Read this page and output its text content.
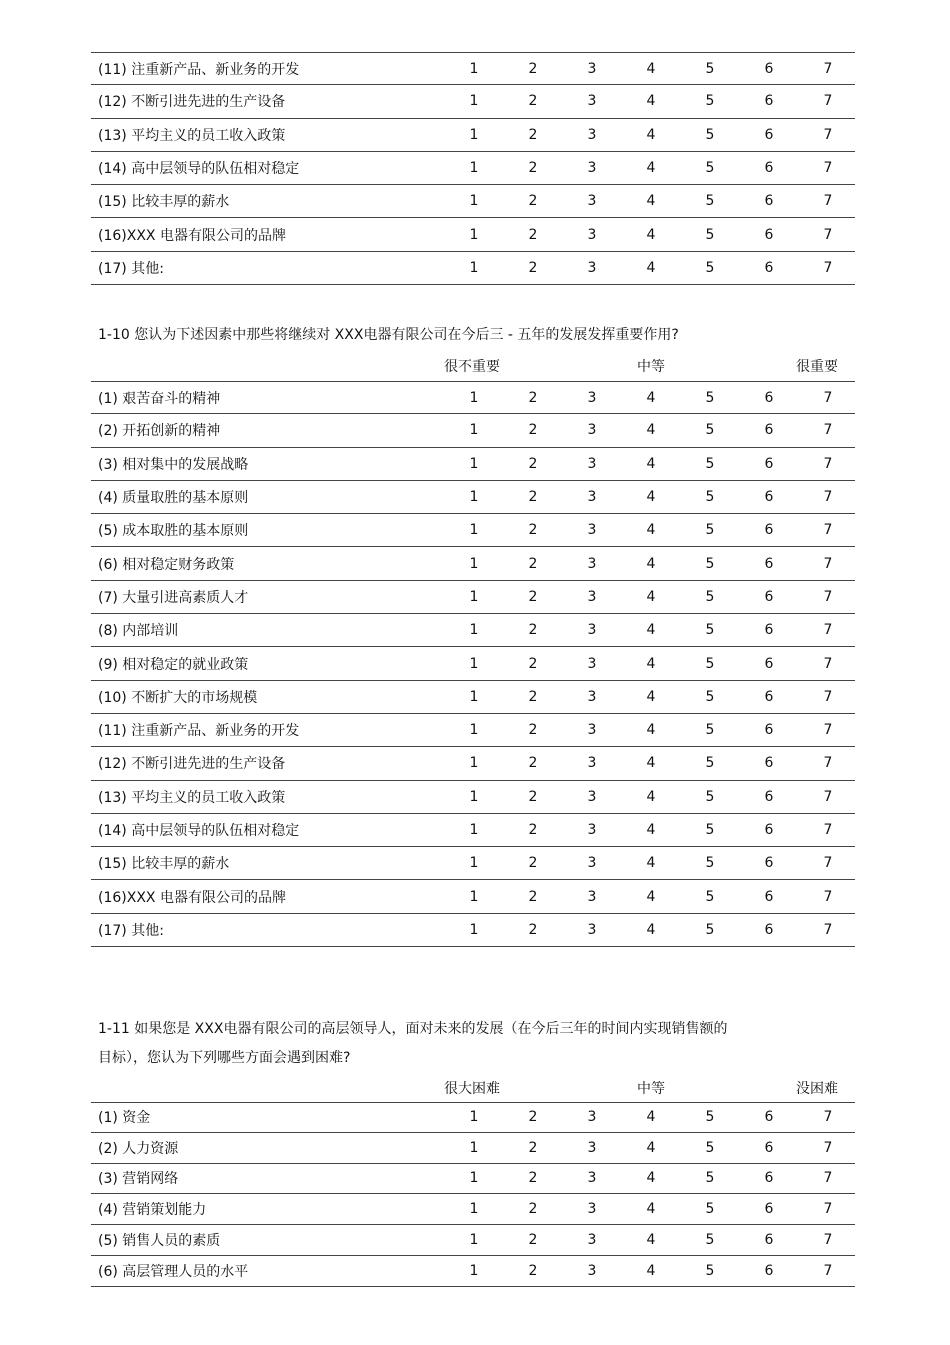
(11) 注重新产品、新业务的开发	1	2	3	4	5	6	7
(12) 不断引进先进的生产设备	1	2	3	4	5	6	7
(13) 平均主义的员工收入政策	1	2	3	4	5	6	7
(14) 高中层领导的队伍相对稳定	1	2	3	4	5	6	7
(15) 比较丰厚的薪水	1	2	3	4	5	6	7
(16)XXX 电器有限公司的品牌	1	2	3	4	5	6	7
(17) 其他:	1	2	3	4	5	6	7
1-10 您认为下述因素中那些将继续对 XXX电器有限公司在今后三 - 五年的发展发挥重要作用?
很不重要	中等	很重要
(1) 艰苦奋斗的精神	1	2	3	4	5	6	7
(2) 开拓创新的精神	1	2	3	4	5	6	7
(3) 相对集中的发展战略	1	2	3	4	5	6	7
(4) 质量取胜的基本原则	1	2	3	4	5	6	7
(5) 成本取胜的基本原则	1	2	3	4	5	6	7
(6) 相对稳定财务政策	1	2	3	4	5	6	7
(7) 大量引进高素质人才	1	2	3	4	5	6	7
(8) 内部培训	1	2	3	4	5	6	7
(9) 相对稳定的就业政策	1	2	3	4	5	6	7
(10) 不断扩大的市场规模	1	2	3	4	5	6	7
(11) 注重新产品、新业务的开发	1	2	3	4	5	6	7
(12) 不断引进先进的生产设备	1	2	3	4	5	6	7
(13) 平均主义的员工收入政策	1	2	3	4	5	6	7
(14) 高中层领导的队伍相对稳定	1	2	3	4	5	6	7
(15) 比较丰厚的薪水	1	2	3	4	5	6	7
(16)XXX 电器有限公司的品牌	1	2	3	4	5	6	7
(17) 其他:	1	2	3	4	5	6	7
1-11 如果您是 XXX电器有限公司的高层领导人，面对未来的发展（在今后三年的时间内实现销售额的
目标），您认为下列哪些方面会遇到困难?
很大困难	中等	没困难
(1) 资金	1	2	3	4	5	6	7
(2) 人力资源	1	2	3	4	5	6	7
(3) 营销网络	1	2	3	4	5	6	7
(4) 营销策划能力	1	2	3	4	5	6	7
(5) 销售人员的素质	1	2	3	4	5	6	7
(6) 高层管理人员的水平	1	2	3	4	5	6	7
